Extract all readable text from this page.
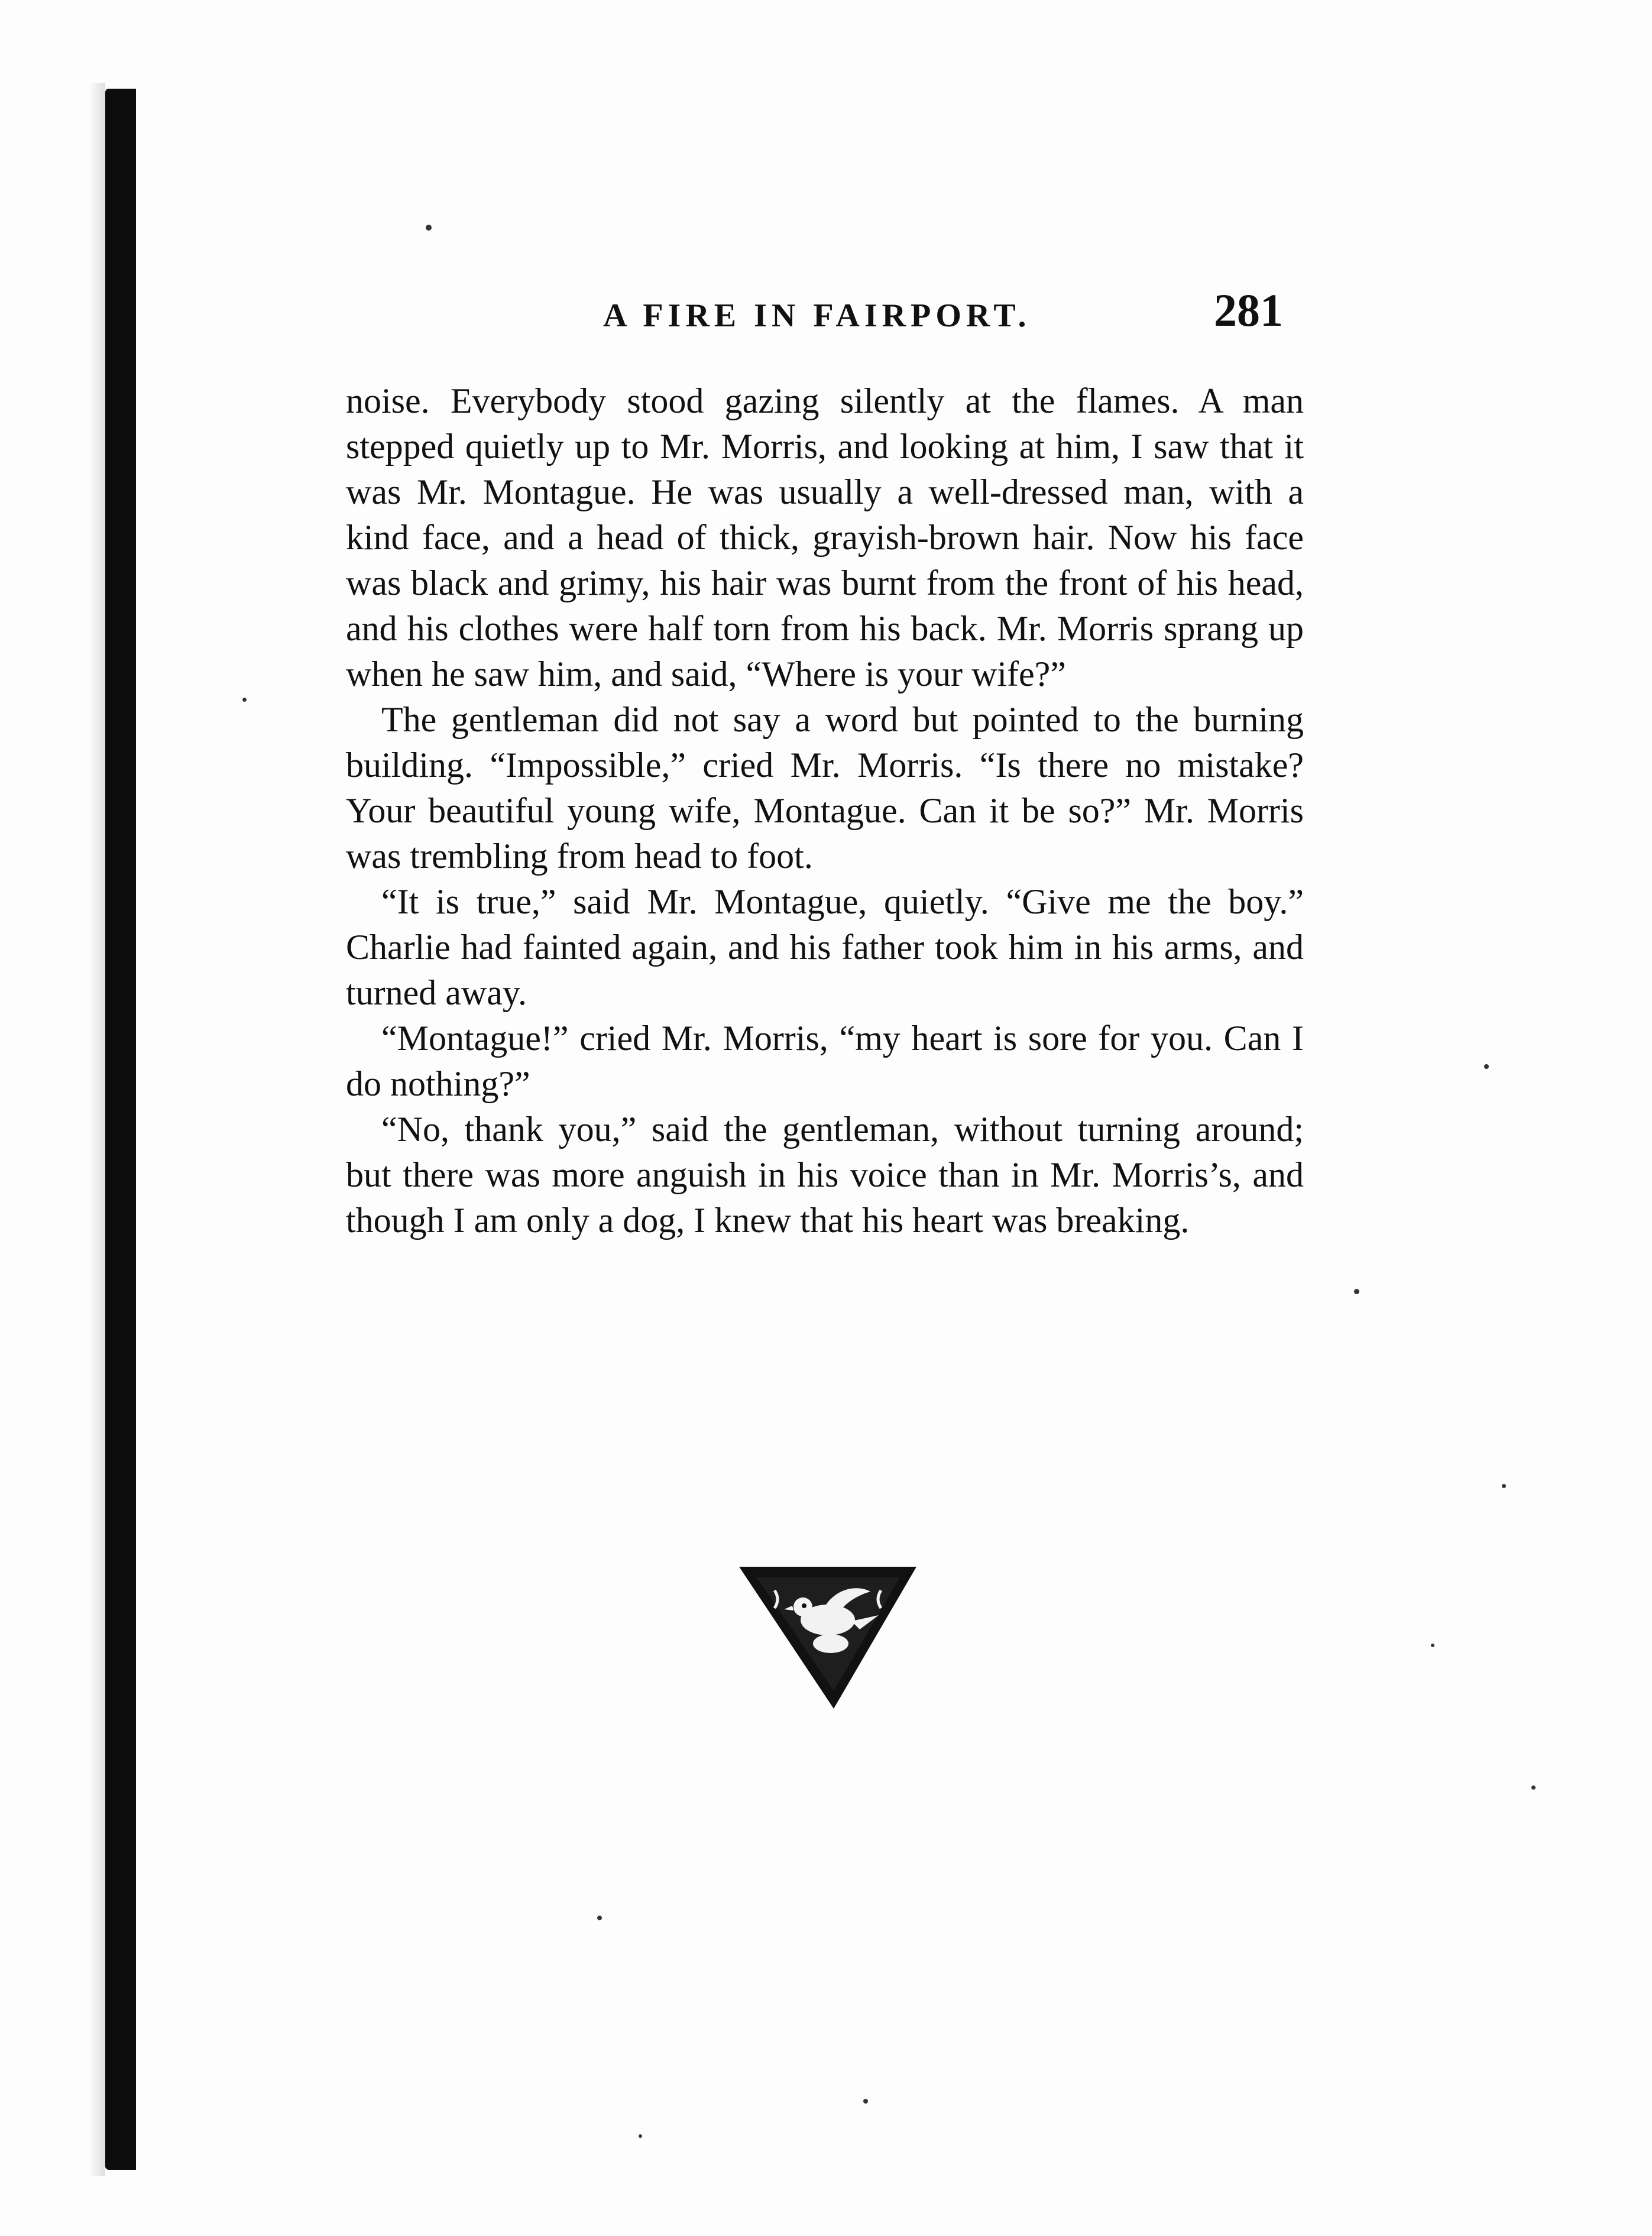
A FIRE IN FAIRPORT.	281

noise. Everybody stood gazing silently at the flames. A man stepped quietly up to Mr. Morris, and looking at him, I saw that it was Mr. Montague. He was usually a well-dressed man, with a kind face, and a head of thick, grayish-brown hair. Now his face was black and grimy, his hair was burnt from the front of his head, and his clothes were half torn from his back. Mr. Morris sprang up when he saw him, and said, “Where is your wife?”

The gentleman did not say a word but pointed to the burning building. “Impossible,” cried Mr. Morris. “Is there no mistake? Your beautiful young wife, Montague. Can it be so?” Mr. Morris was trembling from head to foot.

“It is true,” said Mr. Montague, quietly. “Give me the boy.” Charlie had fainted again, and his father took him in his arms, and turned away.

“Montague!” cried Mr. Morris, “my heart is sore for you. Can I do nothing?”

“No, thank you,” said the gentleman, without turning around; but there was more anguish in his voice than in Mr. Morris’s, and though I am only a dog, I knew that his heart was breaking.
